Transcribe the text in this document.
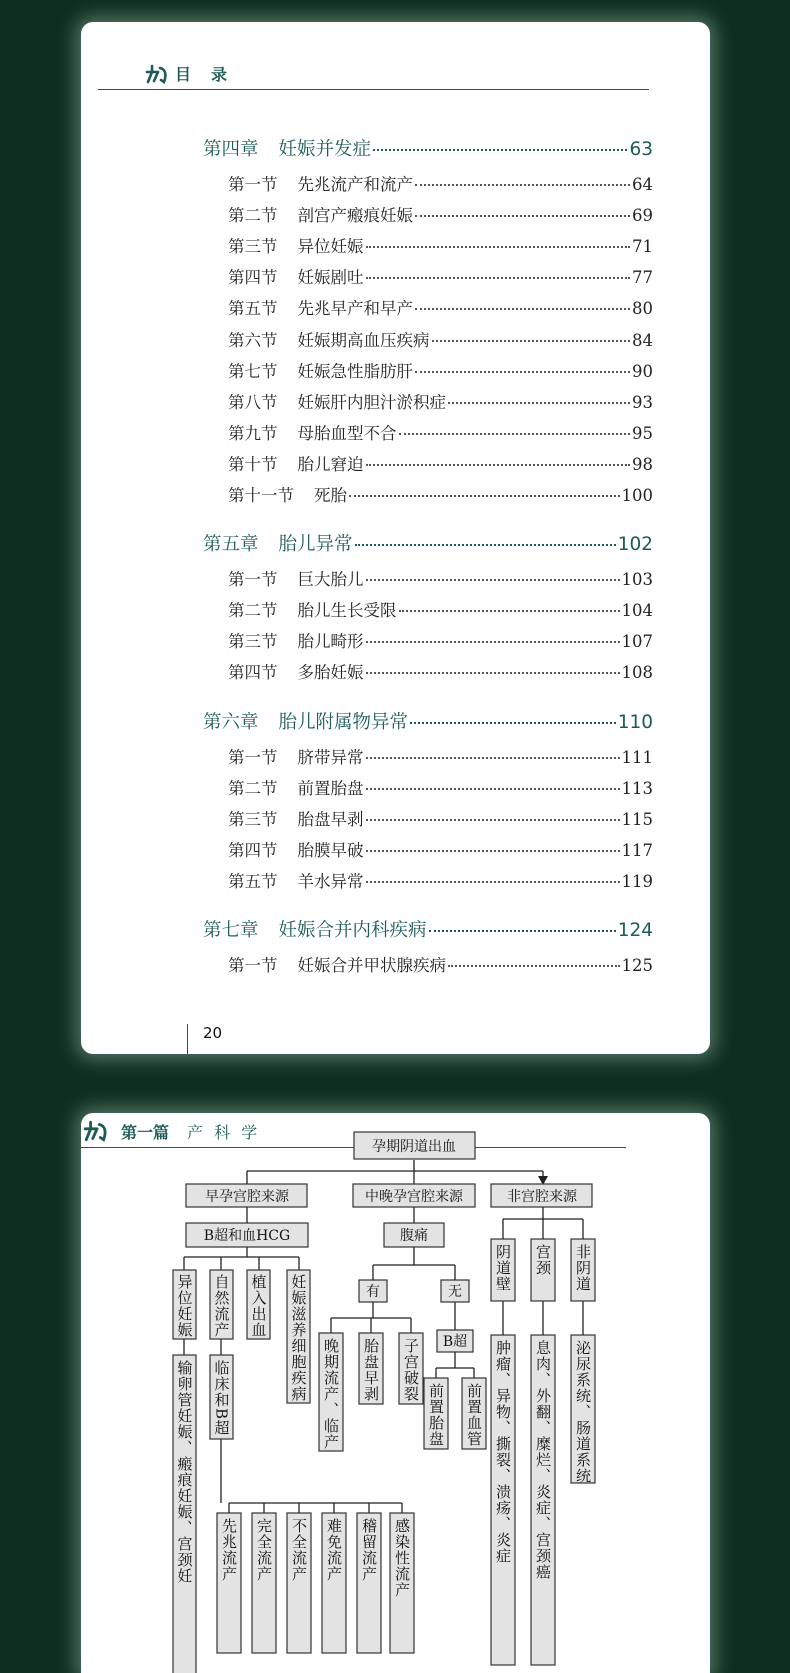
目　录
第四章 妊娠并发症	63
第一节 先兆流产和流产	64
第二节 剖宫产瘢痕妊娠	69
第三节 异位妊娠	71
第四节 妊娠剧吐	77
第五节 先兆早产和早产	80
第六节 妊娠期高血压疾病	84
第七节 妊娠急性脂肪肝	90
第八节 妊娠肝内胆汁淤积症	93
第九节 母胎血型不合	95
第十节 胎儿窘迫	98
第十一节 死胎	100
第五章 胎儿异常	102
第一节 巨大胎儿	103
第二节 胎儿生长受限	104
第三节 胎儿畸形	107
第四节 多胎妊娠	108
第六章 胎儿附属物异常	110
第一节 脐带异常	111
第二节 前置胎盘	113
第三节 胎盘早剥	115
第四节 胎膜早破	117
第五节 羊水异常	119
第七章 妊娠合并内科疾病	124
第一节 妊娠合并甲状腺疾病	125
20
第一篇 产 科 学
孕期阴道出血
早孕宫腔来源	中晚孕宫腔来源	非宫腔来源
B超和血HCG	腹痛
有	无
B超
异位妊娠 自然流产 植入出血 妊娠滋养细胞疾病
输卵管妊娠、瘢痕妊娠、宫颈妊 临床和B超	晚期流产、临产 胎盘早剥 子宫破裂
前置胎盘 前置血管
阴道壁 宫颈 非阴道
肿瘤、异物、撕裂、溃疡、炎症 息肉、外翻、糜烂、炎症、宫颈癌 泌尿系统、肠道系统
先兆流产 完全流产 不全流产 难免流产 稽留流产 感染性流产
